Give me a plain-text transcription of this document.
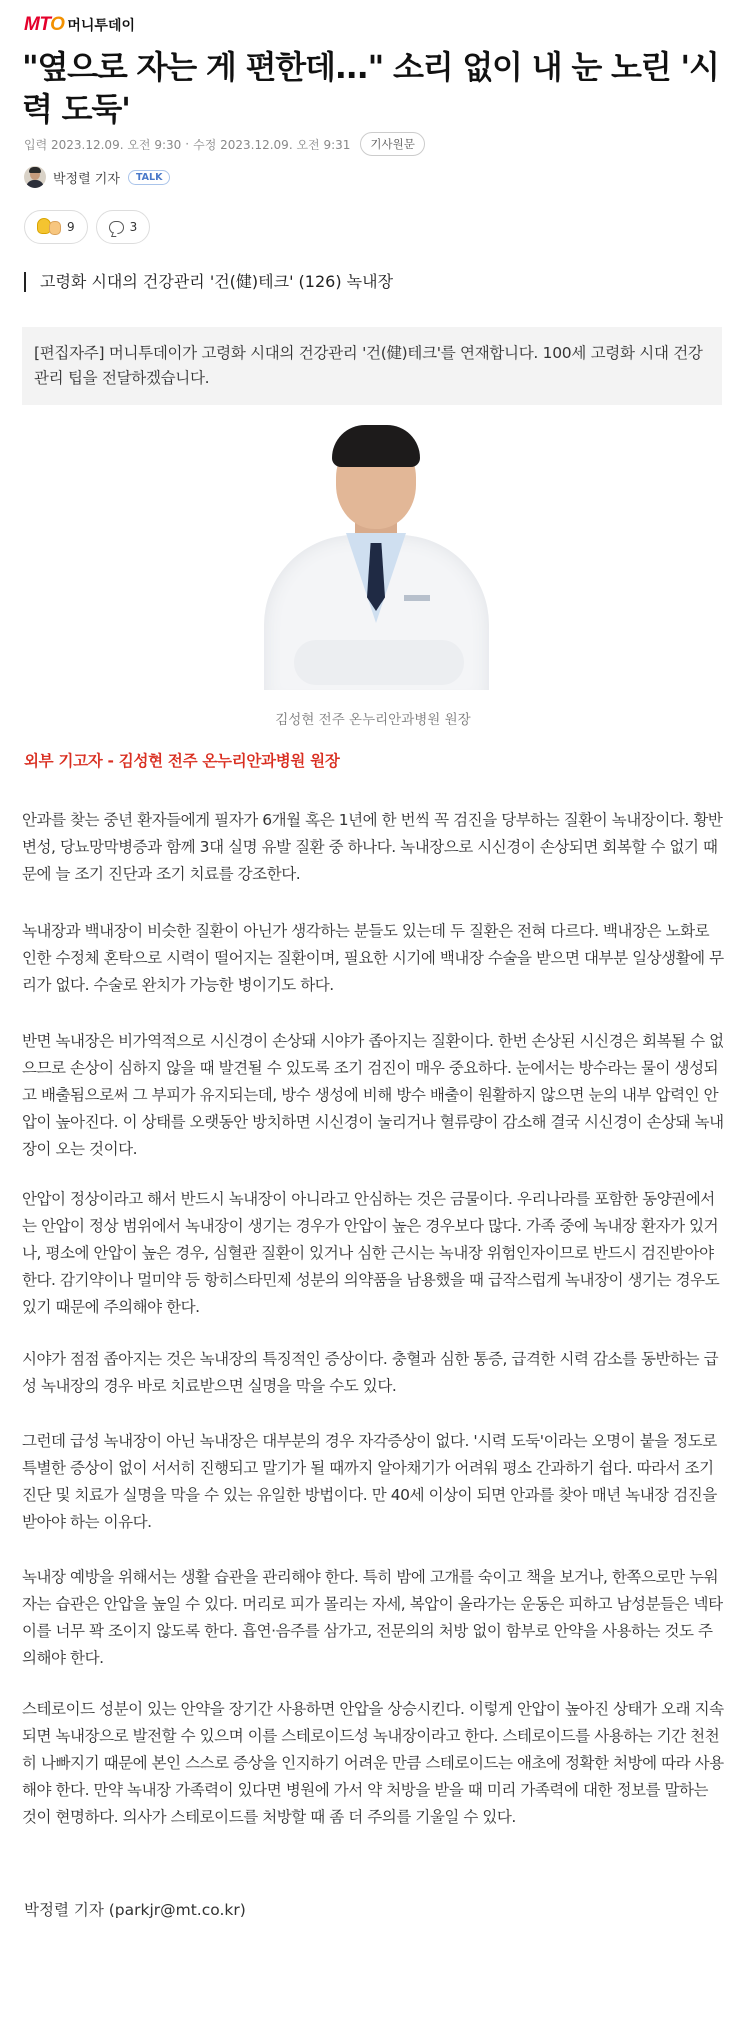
MTO 머니투데이
"옆으로 자는 게 편한데..." 소리 없이 내 눈 노린 '시력 도둑'
입력 2023.12.09. 오전 9:30 · 수정 2023.12.09. 오전 9:31	기사원문
박정렬 기자	TALK
9	3
고령화 시대의 건강관리 '건(健)테크' (126) 녹내장
[편집자주] 머니투데이가 고령화 시대의 건강관리 '건(健)테크'를 연재합니다. 100세 고령화 시대 건강관리 팁을 전달하겠습니다.
김성현 전주 온누리안과병원 원장
외부 기고자 - 김성현 전주 온누리안과병원 원장

안과를 찾는 중년 환자들에게 필자가 6개월 혹은 1년에 한 번씩 꼭 검진을 당부하는 질환이 녹내장이다. 황반변성, 당뇨망막병증과 함께 3대 실명 유발 질환 중 하나다. 녹내장으로 시신경이 손상되면 회복할 수 없기 때문에 늘 조기 진단과 조기 치료를 강조한다.

녹내장과 백내장이 비슷한 질환이 아닌가 생각하는 분들도 있는데 두 질환은 전혀 다르다. 백내장은 노화로 인한 수정체 혼탁으로 시력이 떨어지는 질환이며, 필요한 시기에 백내장 수술을 받으면 대부분 일상생활에 무리가 없다. 수술로 완치가 가능한 병이기도 하다.

반면 녹내장은 비가역적으로 시신경이 손상돼 시야가 좁아지는 질환이다. 한번 손상된 시신경은 회복될 수 없으므로 손상이 심하지 않을 때 발견될 수 있도록 조기 검진이 매우 중요하다. 눈에서는 방수라는 물이 생성되고 배출됨으로써 그 부피가 유지되는데, 방수 생성에 비해 방수 배출이 원활하지 않으면 눈의 내부 압력인 안압이 높아진다. 이 상태를 오랫동안 방치하면 시신경이 눌리거나 혈류량이 감소해 결국 시신경이 손상돼 녹내장이 오는 것이다.

안압이 정상이라고 해서 반드시 녹내장이 아니라고 안심하는 것은 금물이다. 우리나라를 포함한 동양권에서는 안압이 정상 범위에서 녹내장이 생기는 경우가 안압이 높은 경우보다 많다. 가족 중에 녹내장 환자가 있거나, 평소에 안압이 높은 경우, 심혈관 질환이 있거나 심한 근시는 녹내장 위험인자이므로 반드시 검진받아야 한다. 감기약이나 멀미약 등 항히스타민제 성분의 의약품을 남용했을 때 급작스럽게 녹내장이 생기는 경우도 있기 때문에 주의해야 한다.

시야가 점점 좁아지는 것은 녹내장의 특징적인 증상이다. 충혈과 심한 통증, 급격한 시력 감소를 동반하는 급성 녹내장의 경우 바로 치료받으면 실명을 막을 수도 있다.

그런데 급성 녹내장이 아닌 녹내장은 대부분의 경우 자각증상이 없다. '시력 도둑'이라는 오명이 붙을 정도로 특별한 증상이 없이 서서히 진행되고 말기가 될 때까지 알아채기가 어려워 평소 간과하기 쉽다. 따라서 조기 진단 및 치료가 실명을 막을 수 있는 유일한 방법이다. 만 40세 이상이 되면 안과를 찾아 매년 녹내장 검진을 받아야 하는 이유다.

녹내장 예방을 위해서는 생활 습관을 관리해야 한다. 특히 밤에 고개를 숙이고 책을 보거나, 한쪽으로만 누워 자는 습관은 안압을 높일 수 있다. 머리로 피가 몰리는 자세, 복압이 올라가는 운동은 피하고 남성분들은 넥타이를 너무 꽉 조이지 않도록 한다. 흡연·음주를 삼가고, 전문의의 처방 없이 함부로 안약을 사용하는 것도 주의해야 한다.

스테로이드 성분이 있는 안약을 장기간 사용하면 안압을 상승시킨다. 이렇게 안압이 높아진 상태가 오래 지속되면 녹내장으로 발전할 수 있으며 이를 스테로이드성 녹내장이라고 한다. 스테로이드를 사용하는 기간 천천히 나빠지기 때문에 본인 스스로 증상을 인지하기 어려운 만큼 스테로이드는 애초에 정확한 처방에 따라 사용해야 한다. 만약 녹내장 가족력이 있다면 병원에 가서 약 처방을 받을 때 미리 가족력에 대한 정보를 말하는 것이 현명하다. 의사가 스테로이드를 처방할 때 좀 더 주의를 기울일 수 있다.

박정렬 기자 (parkjr@mt.co.kr)
